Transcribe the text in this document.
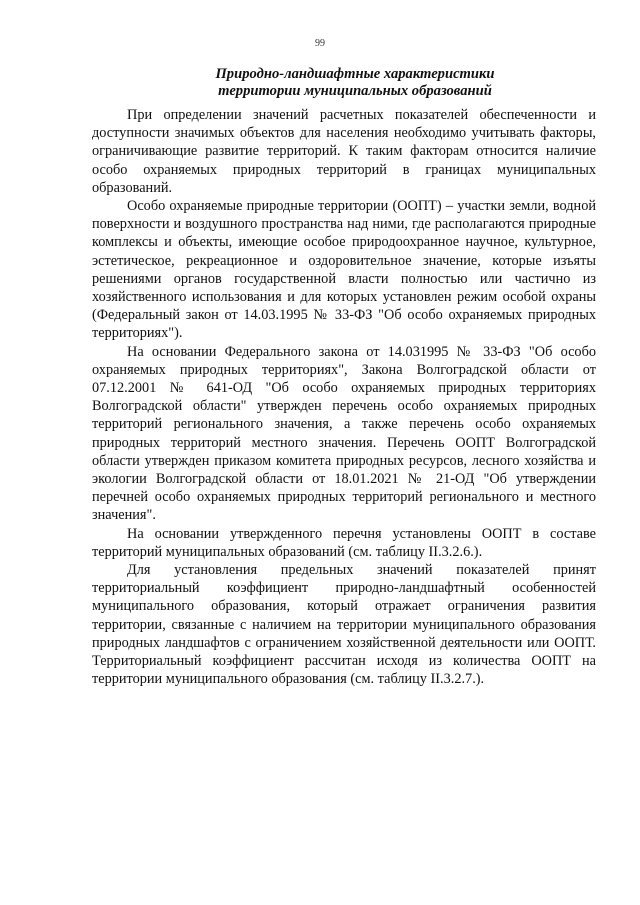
99
Природно-ландшафтные характеристики
территории муниципальных образований

При определении значений расчетных показателей обеспеченности и доступности значимых объектов для населения необходимо учитывать факторы, ограничивающие развитие территорий. К таким факторам относится наличие особо охраняемых природных территорий в границах муниципальных образований.

Особо охраняемые природные территории (ООПТ) – участки земли, водной поверхности и воздушного пространства над ними, где располагаются природные комплексы и объекты, имеющие особое природоохранное научное, культурное, эстетическое, рекреационное и оздоровительное значение, которые изъяты решениями органов государственной власти полностью или частично из хозяйственного использования и для которых установлен режим особой охраны (Федеральный закон от 14.03.1995 № 33-ФЗ "Об особо охраняемых природных территориях").

На основании Федерального закона от 14.031995 № 33-ФЗ "Об особо охраняемых природных территориях", Закона Волгоградской области от 07.12.2001 № 641-ОД "Об особо охраняемых природных территориях Волгоградской области" утвержден перечень особо охраняемых природных территорий регионального значения, а также перечень особо охраняемых природных территорий местного значения. Перечень ООПТ Волгоградской области утвержден приказом комитета природных ресурсов, лесного хозяйства и экологии Волгоградской области от 18.01.2021 № 21-ОД "Об утверждении перечней особо охраняемых природных территорий регионального и местного значения".

На основании утвержденного перечня установлены ООПТ в составе территорий муниципальных образований (см. таблицу II.3.2.6.).

Для установления предельных значений показателей принят территориальный коэффициент природно-ландшафтный особенностей муниципального образования, который отражает ограничения развития территории, связанные с наличием на территории муниципального образования природных ландшафтов с ограничением хозяйственной деятельности или ООПТ. Территориальный коэффициент рассчитан исходя из количества ООПТ на территории муниципального образования (см. таблицу II.3.2.7.).
